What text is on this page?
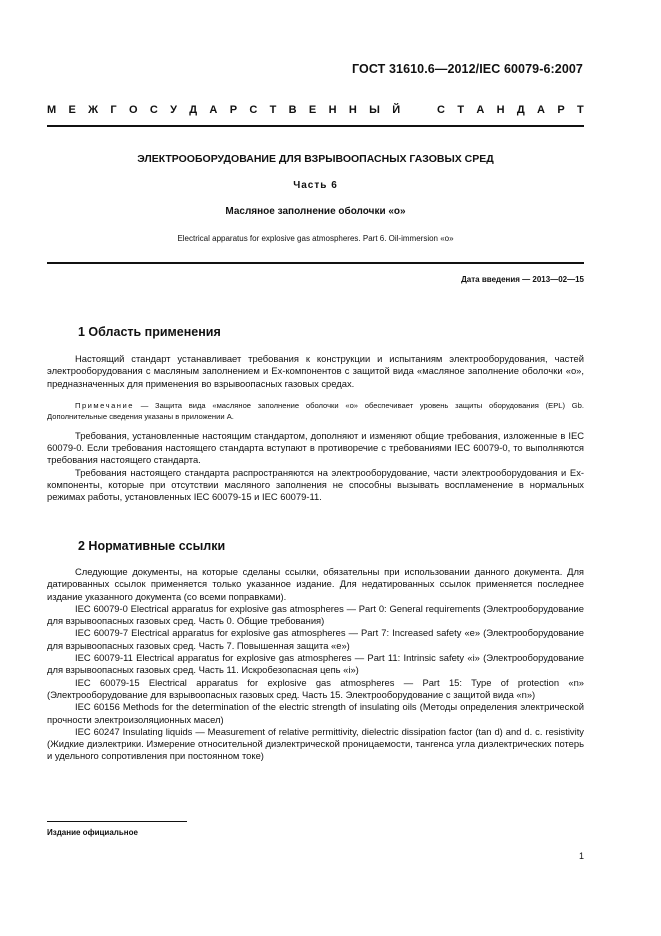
ГОСТ 31610.6—2012/IEC 60079-6:2007
М Е Ж Г О С У Д А Р С Т В Е Н Н Ы Й	С Т А Н Д А Р Т
ЭЛЕКТРООБОРУДОВАНИЕ ДЛЯ ВЗРЫВООПАСНЫХ ГАЗОВЫХ СРЕД
Часть 6
Масляное заполнение оболочки «о»
Electrical apparatus for explosive gas atmospheres. Part 6. Oil-immersion «o»
Дата введения — 2013—02—15
1 Область применения

Настоящий стандарт устанавливает требования к конструкции и испытаниям электрооборудования, частей электрооборудования с масляным заполнением и Ex-компонентов с защитой вида «масляное заполнение оболочки «о», предназначенных для применения во взрывоопасных газовых средах.

Примечание — Защита вида «масляное заполнение оболочки «о» обеспечивает уровень защиты оборудования (EPL) Gb. Дополнительные сведения указаны в приложении А.

Требования, установленные настоящим стандартом, дополняют и изменяют общие требования, изложенные в IEC 60079-0. Если требования настоящего стандарта вступают в противоречие с требованиями IEC 60079-0, то выполняются требования настоящего стандарта.

Требования настоящего стандарта распространяются на электрооборудование, части электрооборудования и Ex-компоненты, которые при отсутствии масляного заполнения не способны вызывать воспламенение в нормальных режимах работы, установленных IEC 60079-15 и IEC 60079-11.

2 Нормативные ссылки

Следующие документы, на которые сделаны ссылки, обязательны при использовании данного документа. Для датированных ссылок применяется только указанное издание. Для недатированных ссылок применяется последнее издание указанного документа (со всеми поправками).

IEC 60079-0 Electrical apparatus for explosive gas atmospheres — Part 0: General requirements (Электрооборудование для взрывоопасных газовых сред. Часть 0. Общие требования)

IEC 60079-7 Electrical apparatus for explosive gas atmospheres — Part 7: Increased safety «e» (Электрооборудование для взрывоопасных газовых сред. Часть 7. Повышенная защита «е»)

IEC 60079-11 Electrical apparatus for explosive gas atmospheres — Part 11: Intrinsic safety «i» (Электрооборудование для взрывоопасных газовых сред. Часть 11. Искробезопасная цепь «i»)

IEC 60079-15 Electrical apparatus for explosive gas atmospheres — Part 15: Type of protection «n» (Электрооборудование для взрывоопасных газовых сред. Часть 15. Электрооборудование с защитой вида «n»)

IEC 60156 Methods for the determination of the electric strength of insulating oils (Методы определения электрической прочности электроизоляционных масел)

IEC 60247 Insulating liquids — Measurement of relative permittivity, dielectric dissipation factor (tan d) and d. c. resistivity (Жидкие диэлектрики. Измерение относительной диэлектрической проницаемости, тангенса угла диэлектрических потерь и удельного сопротивления при постоянном токе)

Издание официальное
1
